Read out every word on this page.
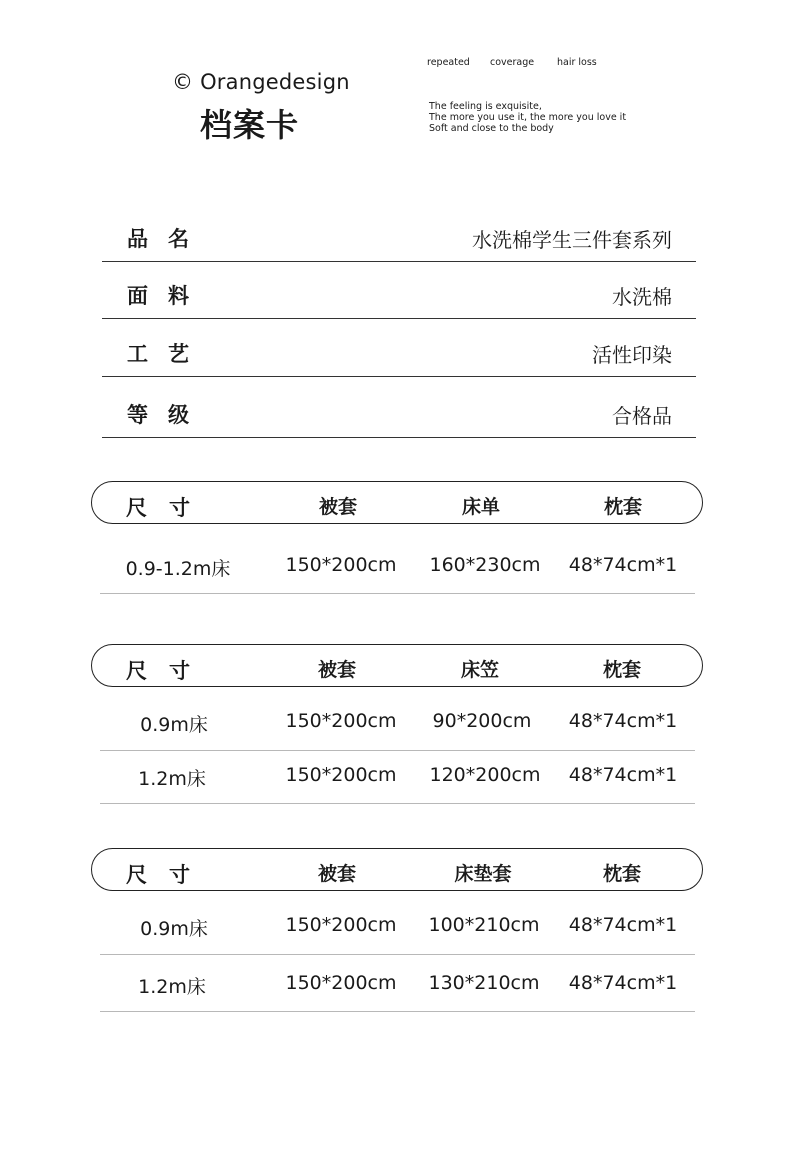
© Orangedesign
档案卡
repeated coverage hair loss
The feeling is exquisite,
The more you use it, the more you love it
Soft and close to the body
品名	水洗棉学生三件套系列
面料	水洗棉
工艺	活性印染
等级	合格品
尺寸	被套	床单	枕套
0.9-1.2m床	150*200cm 160*230cm 48*74cm*1
尺寸	被套	床笠	枕套
0.9m床	150*200cm 90*200cm 48*74cm*1
1.2m床	150*200cm 120*200cm 48*74cm*1
尺寸	被套	床垫套	枕套
0.9m床	150*200cm 100*210cm 48*74cm*1
1.2m床	150*200cm 130*210cm 48*74cm*1
